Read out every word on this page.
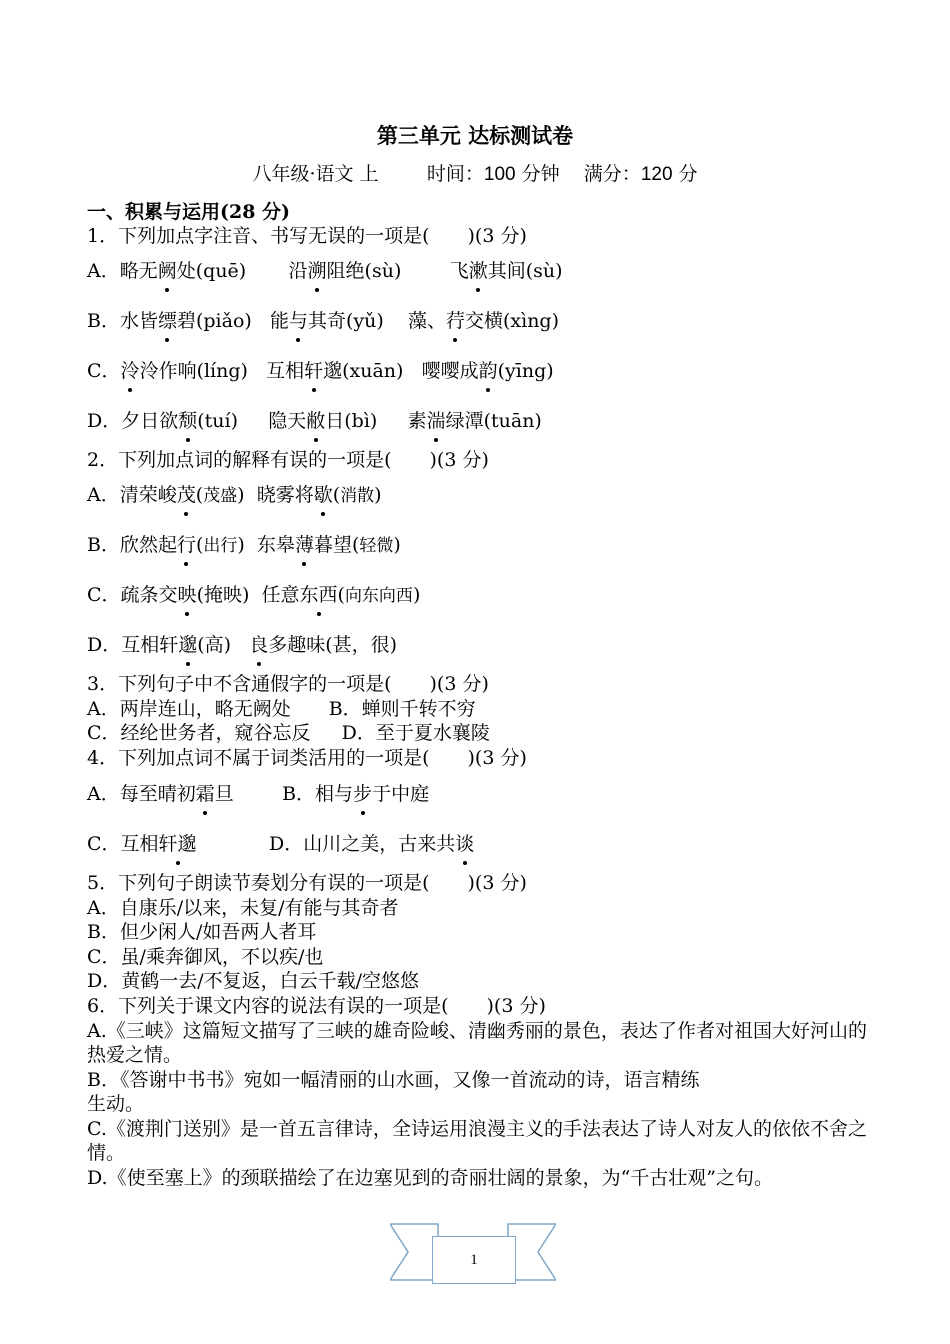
第三单元 达标测试卷
八年级·语文 上	时间：100 分钟 满分：120 分
一、积累与运用(28 分)
1．下列加点字注音、书写无误的一项是(　　)(3 分)
A．略无阙处(quē) 沿溯阻绝(sù)	飞漱其间(sù)
B．水皆缥碧(piǎo) 能与其奇(yǔ) 藻、荇交横(xìng)
C．泠泠作响(líng) 互相轩邈(xuān) 嘤嘤成韵(yīng)
D．夕日欲颓(tuí) 隐天敝日(bì) 素湍绿潭(tuān)
2．下列加点词的解释有误的一项是(　　)(3 分)
A．清荣峻茂(茂盛) 晓雾将歇(消散)
B．欣然起行(出行) 东皋薄暮望(轻微)
C．疏条交映(掩映) 任意东西(向东向西)
D．互相轩邈(高) 良多趣味(甚，很)
3．下列句子中不含通假字的一项是(　　)(3 分)
A．两岸连山，略无阙处　　B．蝉则千转不穷
C．经纶世务者，窥谷忘反　  D．至于夏水襄陵
4．下列加点词不属于词类活用的一项是(　　)(3 分)
A．每至晴初霜旦	B．相与步于中庭
C．互相轩邈	D．山川之美，古来共谈
5．下列句子朗读节奏划分有误的一项是(　　)(3 分)
A．自康乐/以来，未复/有能与其奇者
B．但少闲人/如吾两人者耳
C．虽/乘奔御风，不以疾/也
D．黄鹤一去/不复返，白云千载/空悠悠
6．下列关于课文内容的说法有误的一项是(　　)(3 分)
A.《三峡》这篇短文描写了三峡的雄奇险峻、清幽秀丽的景色，表达了作者对祖国大好河山的热爱之情。
B．《答谢中书书》宛如一幅清丽的山水画，又像一首流动的诗，语言精练
生动。
C.《渡荆门送别》是一首五言律诗，全诗运用浪漫主义的手法表达了诗人对友人的依依不舍之情。
D.《使至塞上》的颈联描绘了在边塞见到的奇丽壮阔的景象，为“千古壮观”之句。
1
